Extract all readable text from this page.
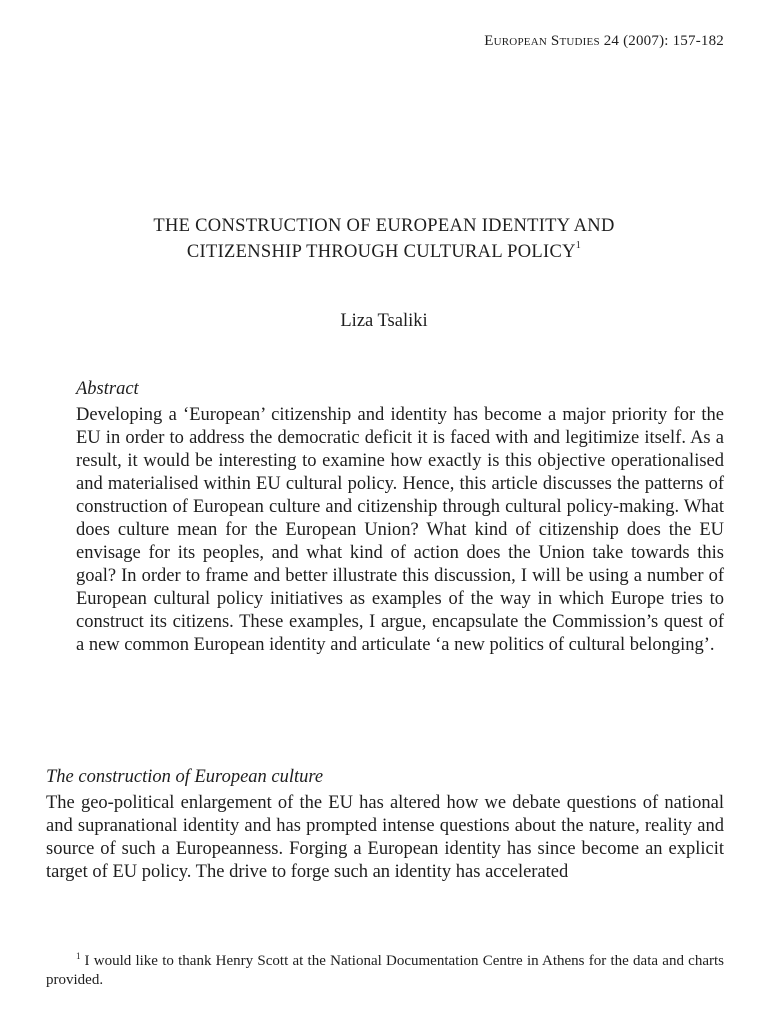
European Studies 24 (2007): 157-182
THE CONSTRUCTION OF EUROPEAN IDENTITY AND
CITIZENSHIP THROUGH CULTURAL POLICY$^1$
Liza Tsaliki
Abstract

Developing a ‘European’ citizenship and identity has become a major priority for the EU in order to address the democratic deficit it is faced with and legitimize itself. As a result, it would be interesting to examine how exactly is this objective operationalised and materialised within EU cultural policy. Hence, this article discusses the patterns of construction of European culture and citizenship through cultural policy-making. What does culture mean for the European Union? What kind of citizenship does the EU envisage for its peoples, and what kind of action does the Union take towards this goal? In order to frame and better illustrate this discussion, I will be using a number of European cultural policy initiatives as examples of the way in which Europe tries to construct its citizens. These examples, I argue, encapsulate the Commission’s quest of a new common European identity and articulate ‘a new politics of cultural belonging’.

The construction of European culture

The geo-political enlargement of the EU has altered how we debate questions of national and supranational identity and has prompted intense questions about the nature, reality and source of such a Europeanness. Forging a European identity has since become an explicit target of EU policy. The drive to forge such an identity has accelerated

$^1$ I would like to thank Henry Scott at the National Documentation Centre in Athens for the data and charts provided.
